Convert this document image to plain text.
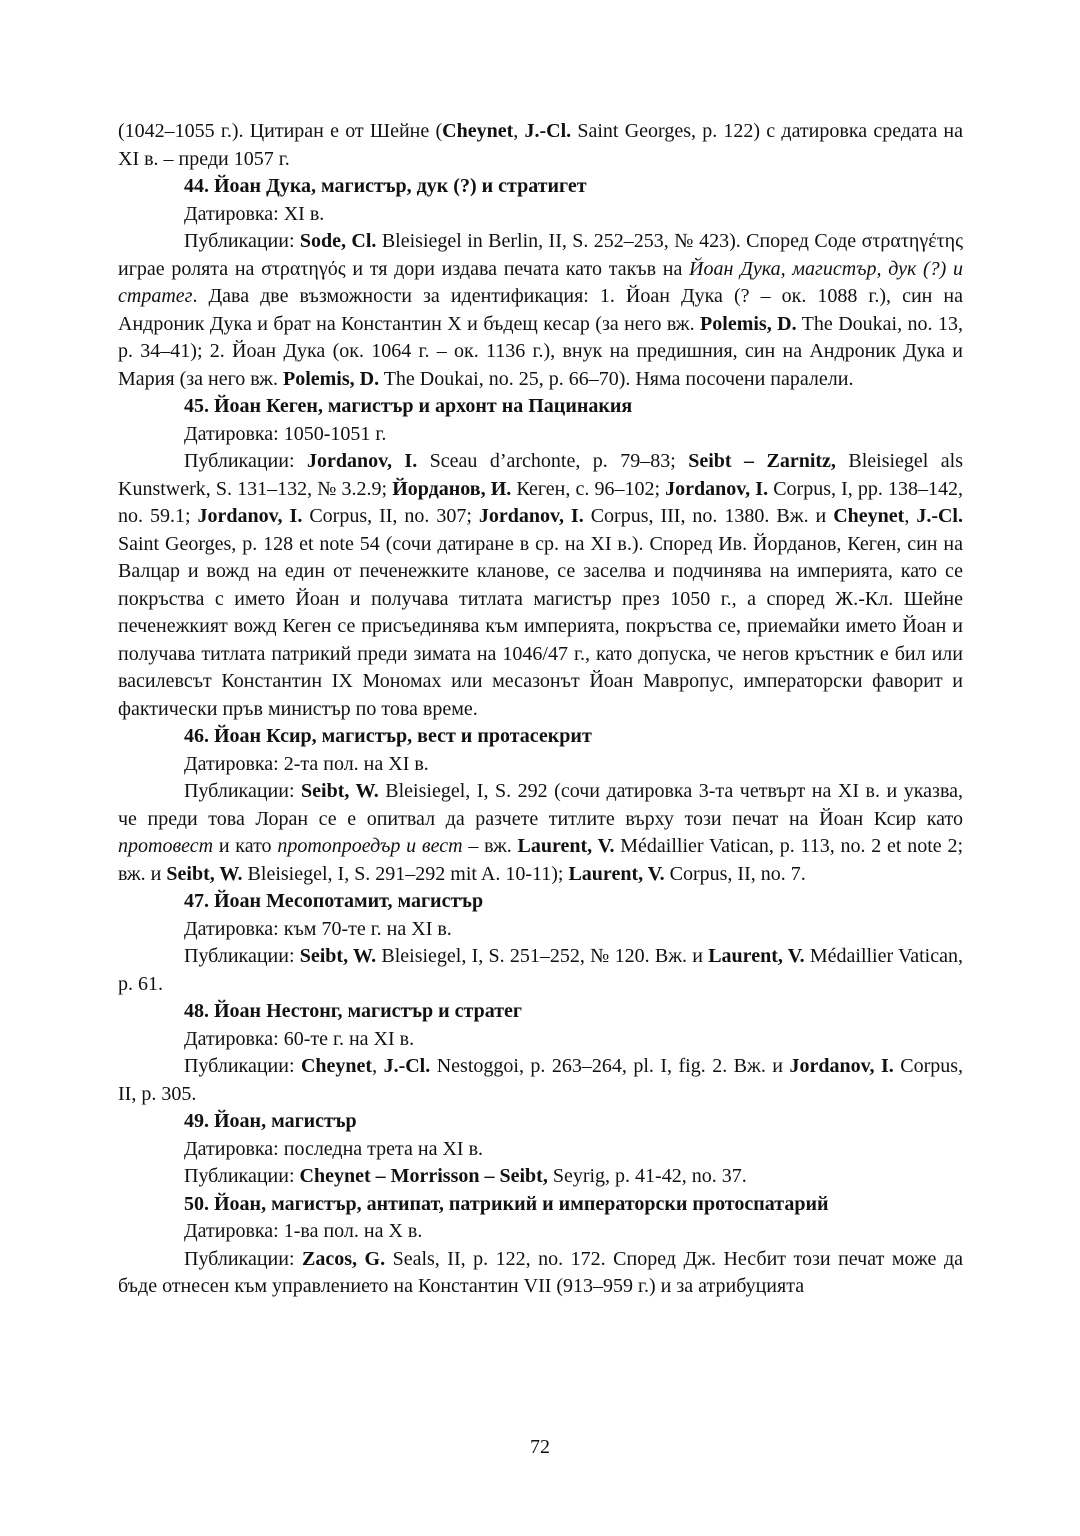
(1042–1055 г.). Цитиран е от Шейне (Cheynet, J.-Cl. Saint Georges, p. 122) с датировка средата на XI в. – преди 1057 г.

44. Йоан Дука, магистър, дук (?) и стратигет

Датировка: XI в.

Публикации: Sode, Cl. Bleisiegel in Berlin, II, S. 252–253, № 423). Според Соде στρατηγέτης играе ролята на στρατηγός и тя дори издава печата като такъв на Йоан Дука, магистър, дук (?) и стратег. Дава две възможности за идентификация: 1. Йоан Дука (? – ок. 1088 г.), син на Андроник Дука и брат на Константин X и бъдещ кесар (за него вж. Polemis, D. The Doukai, no. 13, p. 34–41); 2. Йоан Дука (ок. 1064 г. – ок. 1136 г.), внук на предишния, син на Андроник Дука и Мария (за него вж. Polemis, D. The Doukai, no. 25, p. 66–70). Няма посочени паралели.

45. Йоан Кеген, магистър и архонт на Пацинакия

Датировка: 1050-1051 г.

Публикации: Jordanov, I. Sceau d’archonte, p. 79–83; Seibt – Zarnitz, Bleisiegel als Kunstwerk, S. 131–132, № 3.2.9; Йорданов, И. Кеген, с. 96–102; Jordanov, I. Corpus, I, pp. 138–142, no. 59.1; Jordanov, I. Corpus, II, no. 307; Jordanov, I. Corpus, III, no. 1380. Вж. и Cheynet, J.-Cl. Saint Georges, p. 128 et note 54 (сочи датиране в ср. на XI в.). Според Ив. Йорданов, Кеген, син на Валцар и вожд на един от печенежките кланове, се заселва и подчинява на империята, като се покръства с името Йоан и получава титлата магистър през 1050 г., а според Ж.-Кл. Шейне печенежкият вожд Кеген се присъединява към империята, покръства се, приемайки името Йоан и получава титлата патрикий преди зимата на 1046/47 г., като допуска, че негов кръстник е бил или василевсът Константин IX Мономах или месазонът Йоан Мавропус, императорски фаворит и фактически пръв министър по това време.

46. Йоан Ксир, магистър, вест и протасекрит

Датировка: 2-та пол. на XI в.

Публикации: Seibt, W. Bleisiegel, I, S. 292 (сочи датировка 3-та четвърт на XI в. и указва, че преди това Лоран се е опитвал да разчете титлите върху този печат на Йоан Ксир като протовест и като протопроедър и вест – вж. Laurent, V. Médaillier Vatican, p. 113, no. 2 et note 2; вж. и Seibt, W. Bleisiegel, I, S. 291–292 mit A. 10-11); Laurent, V. Corpus, II, no. 7.

47. Йоан Месопотамит, магистър

Датировка: към 70-те г. на XI в.

Публикации: Seibt, W. Bleisiegel, I, S. 251–252, № 120. Вж. и Laurent, V. Médaillier Vatican, p. 61.

48. Йоан Нестонг, магистър и стратег

Датировка: 60-те г. на XI в.

Публикации: Cheynet, J.-Cl. Nestoggoi, p. 263–264, pl. I, fig. 2. Вж. и Jordanov, I. Corpus, II, p. 305.

49. Йоан, магистър

Датировка: последна трета на XI в.

Публикации: Cheynet – Morrisson – Seibt, Seyrig, p. 41-42, no. 37.

50. Йоан, магистър, антипат, патрикий и императорски протоспатарий

Датировка: 1-ва пол. на X в.

Публикации: Zacos, G. Seals, II, p. 122, no. 172. Според Дж. Несбит този печат може да бъде отнесен към управлението на Константин VII (913–959 г.) и за атрибуцията

72
